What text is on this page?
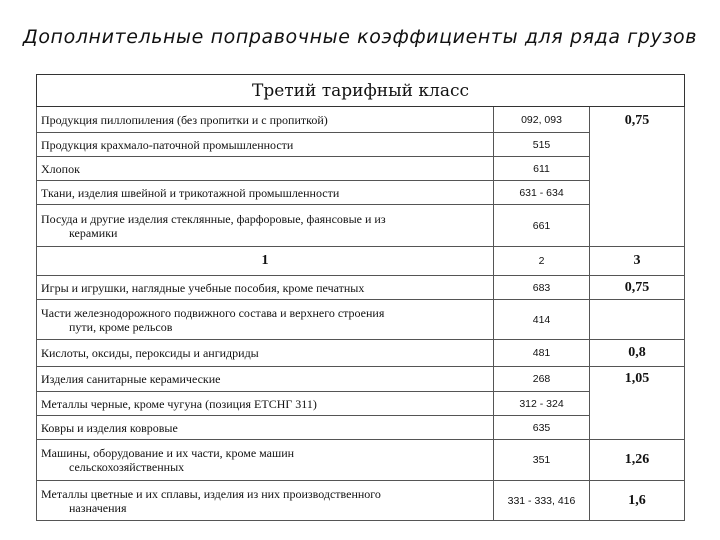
Дополнительные поправочные коэффициенты для ряда грузов
Третий тарифный класс		
Продукция пиллопиления (без пропитки и с пропиткой)	092, 093	0,75
Продукция крахмало-паточной промышленности	515	
Хлопок	611	
Ткани, изделия швейной и трикотажной промышленности	631 - 634	
Посуда и другие изделия стеклянные, фарфоровые, фаянсовые и из
керамики	661	
1	2	3
Игры и игрушки, наглядные учебные пособия, кроме печатных	683	0,75
Части железнодорожного подвижного состава и верхнего строения
пути, кроме рельсов	414	
Кислоты, оксиды, пероксиды и ангидриды	481	0,8
Изделия санитарные керамические	268	1,05
Металлы черные, кроме чугуна (позиция ЕТСНГ 311)	312 - 324	
Ковры и изделия ковровые	635	
Машины, оборудование и их части, кроме машин
сельскохозяйственных	351	1,26
Металлы цветные и их сплавы, изделия из них производственного
назначения	331 - 333, 416	1,6
